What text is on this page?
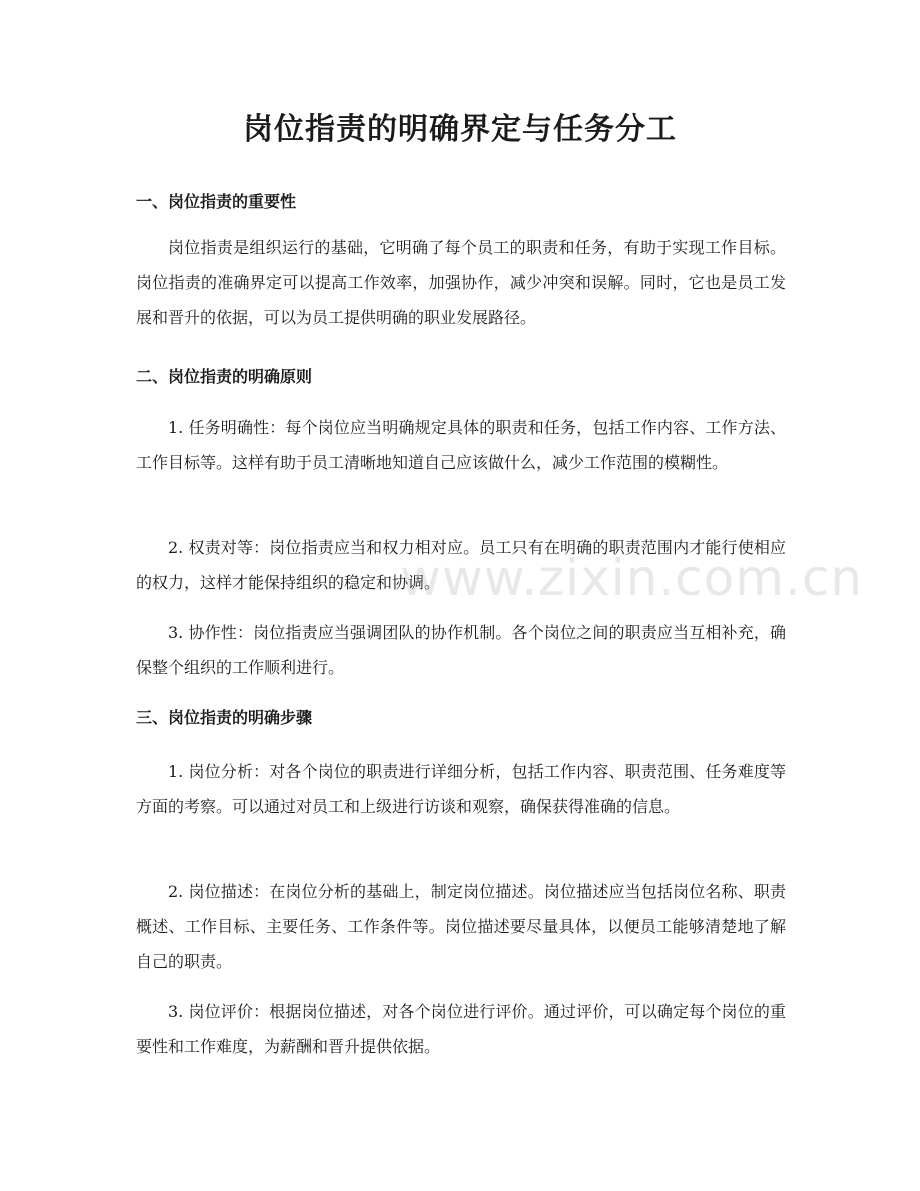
岗位指责的明确界定与任务分工
一、岗位指责的重要性

岗位指责是组织运行的基础，它明确了每个员工的职责和任务，有助于实现工作目标。岗位指责的准确界定可以提高工作效率，加强协作，减少冲突和误解。同时，它也是员工发展和晋升的依据，可以为员工提供明确的职业发展路径。

二、岗位指责的明确原则

1. 任务明确性：每个岗位应当明确规定具体的职责和任务，包括工作内容、工作方法、工作目标等。这样有助于员工清晰地知道自己应该做什么，减少工作范围的模糊性。

2. 权责对等：岗位指责应当和权力相对应。员工只有在明确的职责范围内才能行使相应的权力，这样才能保持组织的稳定和协调。

3. 协作性：岗位指责应当强调团队的协作机制。各个岗位之间的职责应当互相补充，确保整个组织的工作顺利进行。

三、岗位指责的明确步骤

1. 岗位分析：对各个岗位的职责进行详细分析，包括工作内容、职责范围、任务难度等方面的考察。可以通过对员工和上级进行访谈和观察，确保获得准确的信息。

2. 岗位描述：在岗位分析的基础上，制定岗位描述。岗位描述应当包括岗位名称、职责概述、工作目标、主要任务、工作条件等。岗位描述要尽量具体，以便员工能够清楚地了解自己的职责。

3. 岗位评价：根据岗位描述，对各个岗位进行评价。通过评价，可以确定每个岗位的重要性和工作难度，为薪酬和晋升提供依据。

www.zixin.com.cn
